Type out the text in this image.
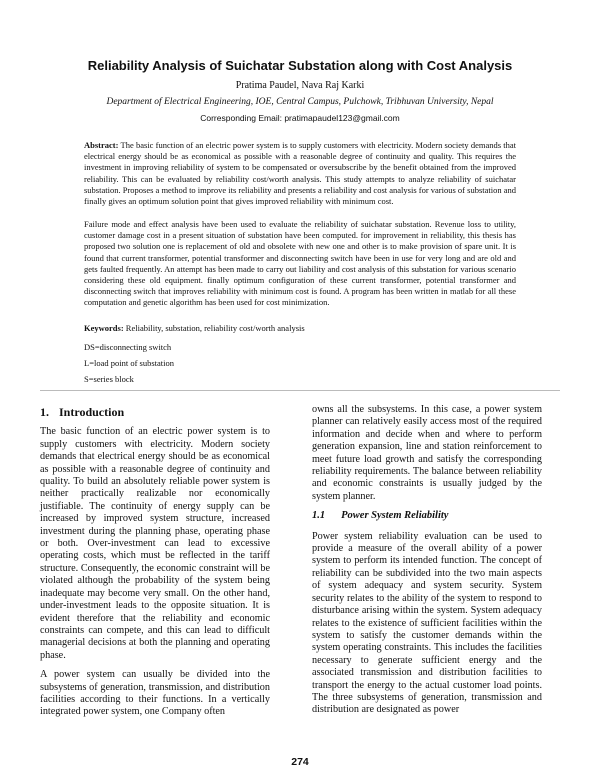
Reliability Analysis of Suichatar Substation along with Cost Analysis
Pratima Paudel, Nava Raj Karki
Department of Electrical Engineering, IOE, Central Campus, Pulchowk, Tribhuvan University, Nepal
Corresponding Email: pratimapaudel123@gmail.com

Abstract: The basic function of an electric power system is to supply customers with electricity. Modern society demands that electrical energy should be as economical as possible with a reasonable degree of continuity and quality. This requires the investment in improving reliability of system to be compensated or oversubscribe by the benefit obtained from the improved reliability. This can be evaluated by reliability cost/worth analysis. This study attempts to analyze reliability of suichatar substation. Proposes a method to improve its reliability and presents a reliability and cost analysis for various of substation and finally gives an optimum solution point that gives improved reliability with minimum cost.

Failure mode and effect analysis have been used to evaluate the reliability of suichatar substation. Revenue loss to utility, customer damage cost in a present situation of substation have been computed. for improvement in reliability, this thesis has proposed two solution one is replacement of old and obsolete with new one and other is to make provision of spare unit. It is found that current transformer, potential transformer and disconnecting switch have been in use for very long and are old and gets faulted frequently. An attempt has been made to carry out liability and cost analysis of this substation for various scenario considering these old equipment. finally optimum configuration of these current transformer, potential transformer and disconnecting switch that improves reliability with minimum cost is found. A program has been written in matlab for all these computation and genetic algorithm has been used for cost minimization.

Keywords: Reliability, substation, reliability cost/worth analysis

DS=disconnecting switch

L=load point of substation

S=series block

1. Introduction

The basic function of an electric power system is to supply customers with electricity. Modern society demands that electrical energy should be as economical as possible with a reasonable degree of continuity and quality. To build an absolutely reliable power system is neither practically realizable nor economically justifiable. The continuity of energy supply can be increased by improved system structure, increased investment during the planning phase, operating phase or both. Over-investment can lead to excessive operating costs, which must be reflected in the tariff structure. Consequently, the economic constraint will be violated although the probability of the system being inadequate may become very small. On the other hand, under-investment leads to the opposite situation. It is evident therefore that the reliability and economic constraints can compete, and this can lead to difficult managerial decisions at both the planning and operating phase.

A power system can usually be divided into the subsystems of generation, transmission, and distribution facilities according to their functions. In a vertically integrated power system, one Company often

owns all the subsystems. In this case, a power system planner can relatively easily access most of the required information and decide when and where to perform generation expansion, line and station reinforcement to meet future load growth and satisfy the corresponding reliability requirements. The balance between reliability and economic constraints is usually judged by the system planner.

1.1 Power System Reliability

Power system reliability evaluation can be used to provide a measure of the overall ability of a power system to perform its intended function. The concept of reliability can be subdivided into the two main aspects of system adequacy and system security. System security relates to the ability of the system to respond to disturbance arising within the system. System adequacy relates to the existence of sufficient facilities within the system to satisfy the customer demands within the system operating constraints. This includes the facilities necessary to generate sufficient energy and the associated transmission and distribution facilities to transport the energy to the actual customer load points. The three subsystems of generation, transmission and distribution are designated as power

274
